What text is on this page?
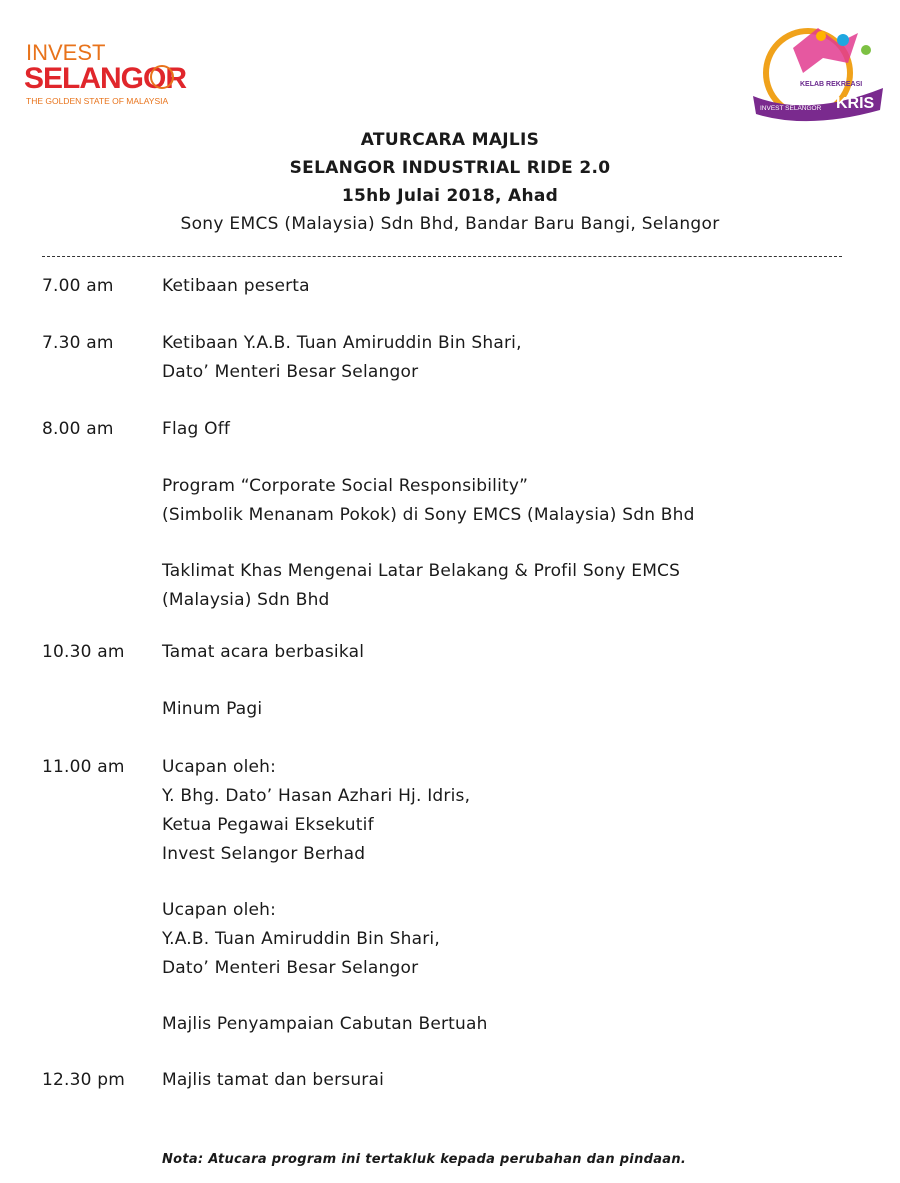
INVEST
SELANGOR
THE GOLDEN STATE OF MALAYSIA
KELAB REKREASI
INVEST SELANGOR KRIS
ATURCARA MAJLIS
SELANGOR INDUSTRIAL RIDE 2.0
15hb Julai 2018, Ahad
Sony EMCS (Malaysia) Sdn Bhd, Bandar Baru Bangi, Selangor
7.00 am	Ketibaan peserta
7.30 am	Ketibaan Y.A.B. Tuan Amiruddin Bin Shari,
Dato’ Menteri Besar Selangor
8.00 am	Flag Off
Program “Corporate Social Responsibility”
(Simbolik Menanam Pokok) di Sony EMCS (Malaysia) Sdn Bhd
Taklimat Khas Mengenai Latar Belakang & Profil Sony EMCS
(Malaysia) Sdn Bhd
10.30 am	Tamat acara berbasikal
Minum Pagi
11.00 am	Ucapan oleh:
Y. Bhg. Dato’ Hasan Azhari Hj. Idris,
Ketua Pegawai Eksekutif
Invest Selangor Berhad
Ucapan oleh:
Y.A.B. Tuan Amiruddin Bin Shari,
Dato’ Menteri Besar Selangor
Majlis Penyampaian Cabutan Bertuah
12.30 pm	Majlis tamat dan bersurai
Nota: Atucara program ini tertakluk kepada perubahan dan pindaan.
